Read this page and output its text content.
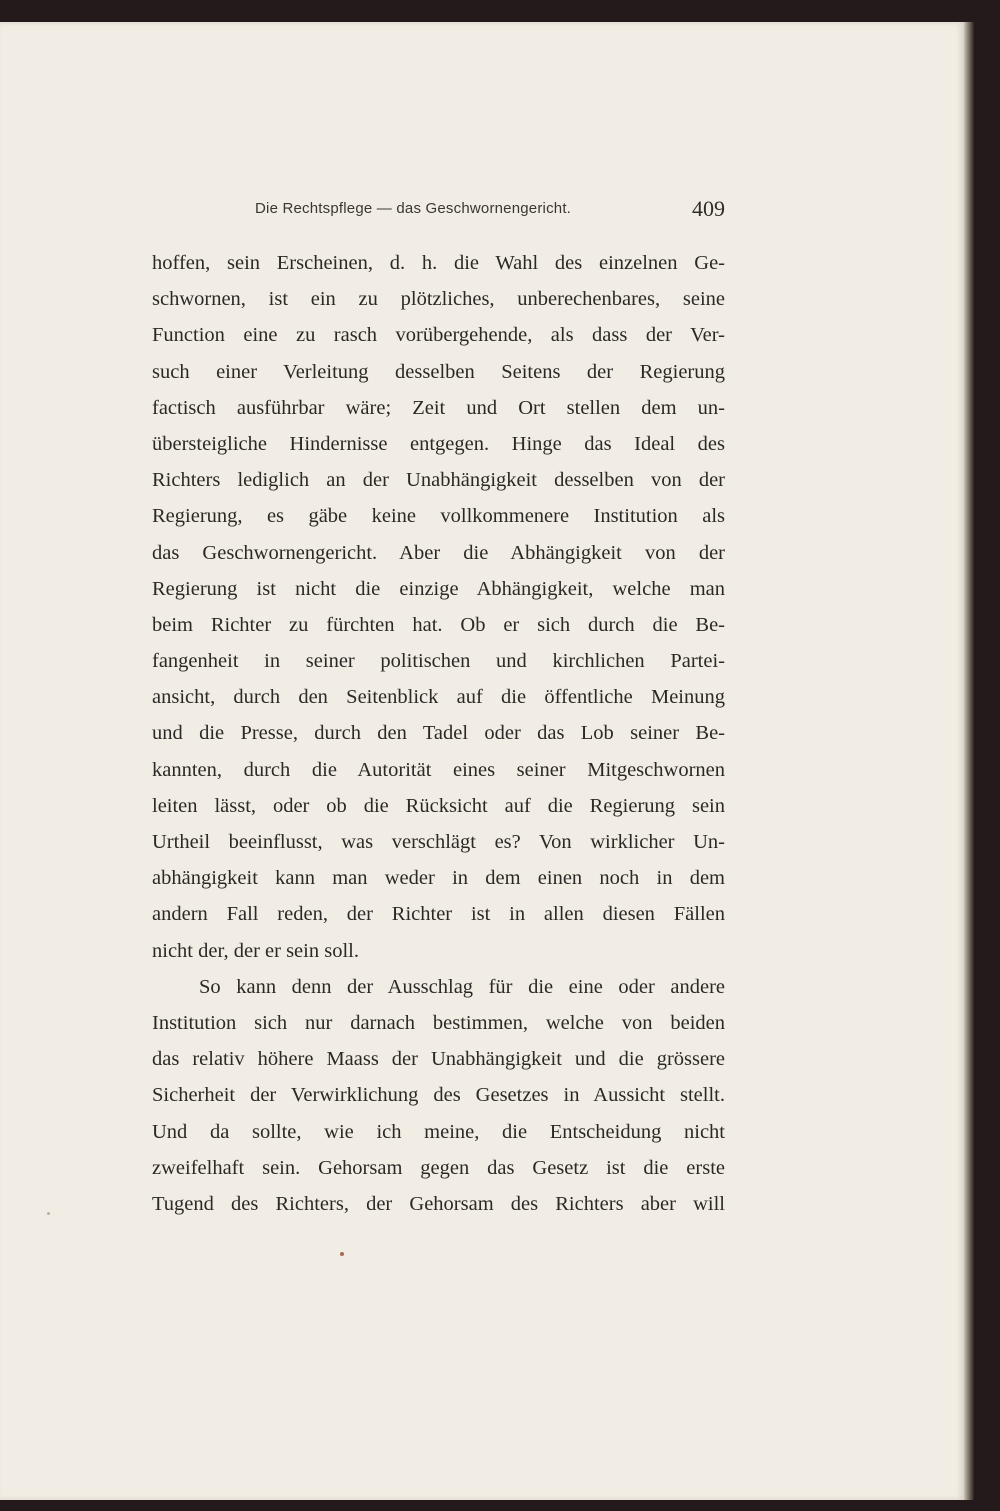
Die Rechtspflege — das Geschwornengericht.	409
hoffen, sein Erscheinen, d. h. die Wahl des einzelnen Ge-
schwornen, ist ein zu plötzliches, unberechenbares, seine
Function eine zu rasch vorübergehende, als dass der Ver-
such einer Verleitung desselben Seitens der Regierung
factisch ausführbar wäre; Zeit und Ort stellen dem un-
übersteigliche Hindernisse entgegen. Hinge das Ideal des
Richters lediglich an der Unabhängigkeit desselben von der
Regierung, es gäbe keine vollkommenere Institution als
das Geschwornengericht. Aber die Abhängigkeit von der
Regierung ist nicht die einzige Abhängigkeit, welche man
beim Richter zu fürchten hat. Ob er sich durch die Be-
fangenheit in seiner politischen und kirchlichen Partei-
ansicht, durch den Seitenblick auf die öffentliche Meinung
und die Presse, durch den Tadel oder das Lob seiner Be-
kannten, durch die Autorität eines seiner Mitgeschwornen
leiten lässt, oder ob die Rücksicht auf die Regierung sein
Urtheil beeinflusst, was verschlägt es? Von wirklicher Un-
abhängigkeit kann man weder in dem einen noch in dem
andern Fall reden, der Richter ist in allen diesen Fällen
nicht der, der er sein soll.
So kann denn der Ausschlag für die eine oder andere
Institution sich nur darnach bestimmen, welche von beiden
das relativ höhere Maass der Unabhängigkeit und die grössere
Sicherheit der Verwirklichung des Gesetzes in Aussicht stellt.
Und da sollte, wie ich meine, die Entscheidung nicht
zweifelhaft sein. Gehorsam gegen das Gesetz ist die erste
Tugend des Richters, der Gehorsam des Richters aber will
